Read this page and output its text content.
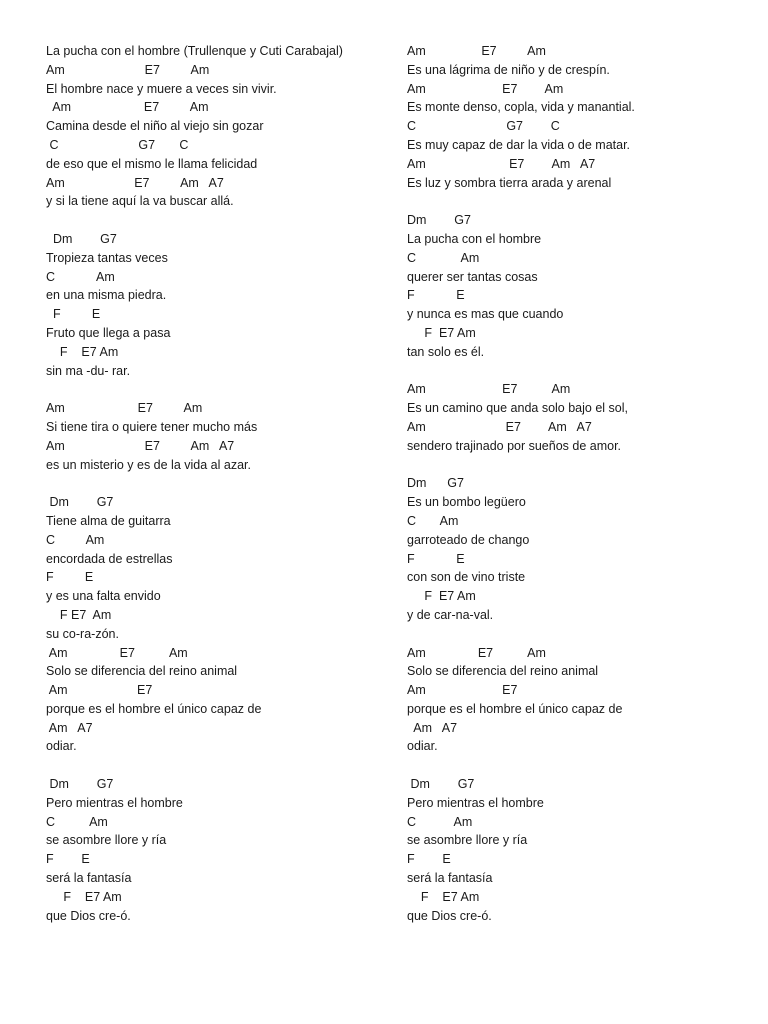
La pucha con el hombre (Trullenque y Cuti Carabajal)
Am                       E7         Am
El hombre nace y muere a veces sin vivir.
Am                     E7         Am
Camina desde el niño al viejo sin gozar
C                       G7       C
de eso que el mismo le llama felicidad
Am                    E7         Am   A7
y si la tiene aquí la va buscar allá.
Dm        G7
Tropieza tantas veces
C            Am
en una misma piedra.
F         E
Fruto que llega a pasa
F    E7 Am
sin ma -du- rar.
Am                     E7         Am
Si tiene tira o quiere tener mucho más
Am                       E7         Am   A7
es un misterio y es de la vida al azar.
Dm        G7
Tiene alma de guitarra
C         Am
encordada de estrellas
F         E
y es una falta envido
F E7  Am
su co-ra-zón.
Am               E7          Am
Solo se diferencia del reino animal
Am                    E7
porque es el hombre el único capaz de
Am   A7
odiar.
Dm        G7
Pero mientras el hombre
C          Am
se asombre llore y ría
F        E
será la fantasía
F    E7 Am
que Dios cre-ó.
Am                E7         Am
Es una lágrima de niño y de crespín.
Am                      E7        Am
Es monte denso, copla, vida y manantial.
C                          G7        C
Es muy capaz de dar la vida o de matar.
Am                        E7        Am   A7
Es luz y sombra tierra arada y arenal
Dm        G7
La pucha con el hombre
C             Am
querer ser tantas cosas
F            E
y nunca es mas que cuando
F  E7 Am
tan solo es él.
Am                      E7          Am
Es un camino que anda solo bajo el sol,
Am                       E7        Am   A7
sendero trajinado por sueños de amor.
Dm      G7
Es un bombo legüero
C       Am
garroteado de chango
F            E
con son de vino triste
F  E7 Am
y de car-na-val.
Am               E7          Am
Solo se diferencia del reino animal
Am                      E7
porque es el hombre el único capaz de
Am   A7
odiar.
Dm        G7
Pero mientras el hombre
C           Am
se asombre llore y ría
F        E
será la fantasía
F    E7 Am
que Dios cre-ó.
